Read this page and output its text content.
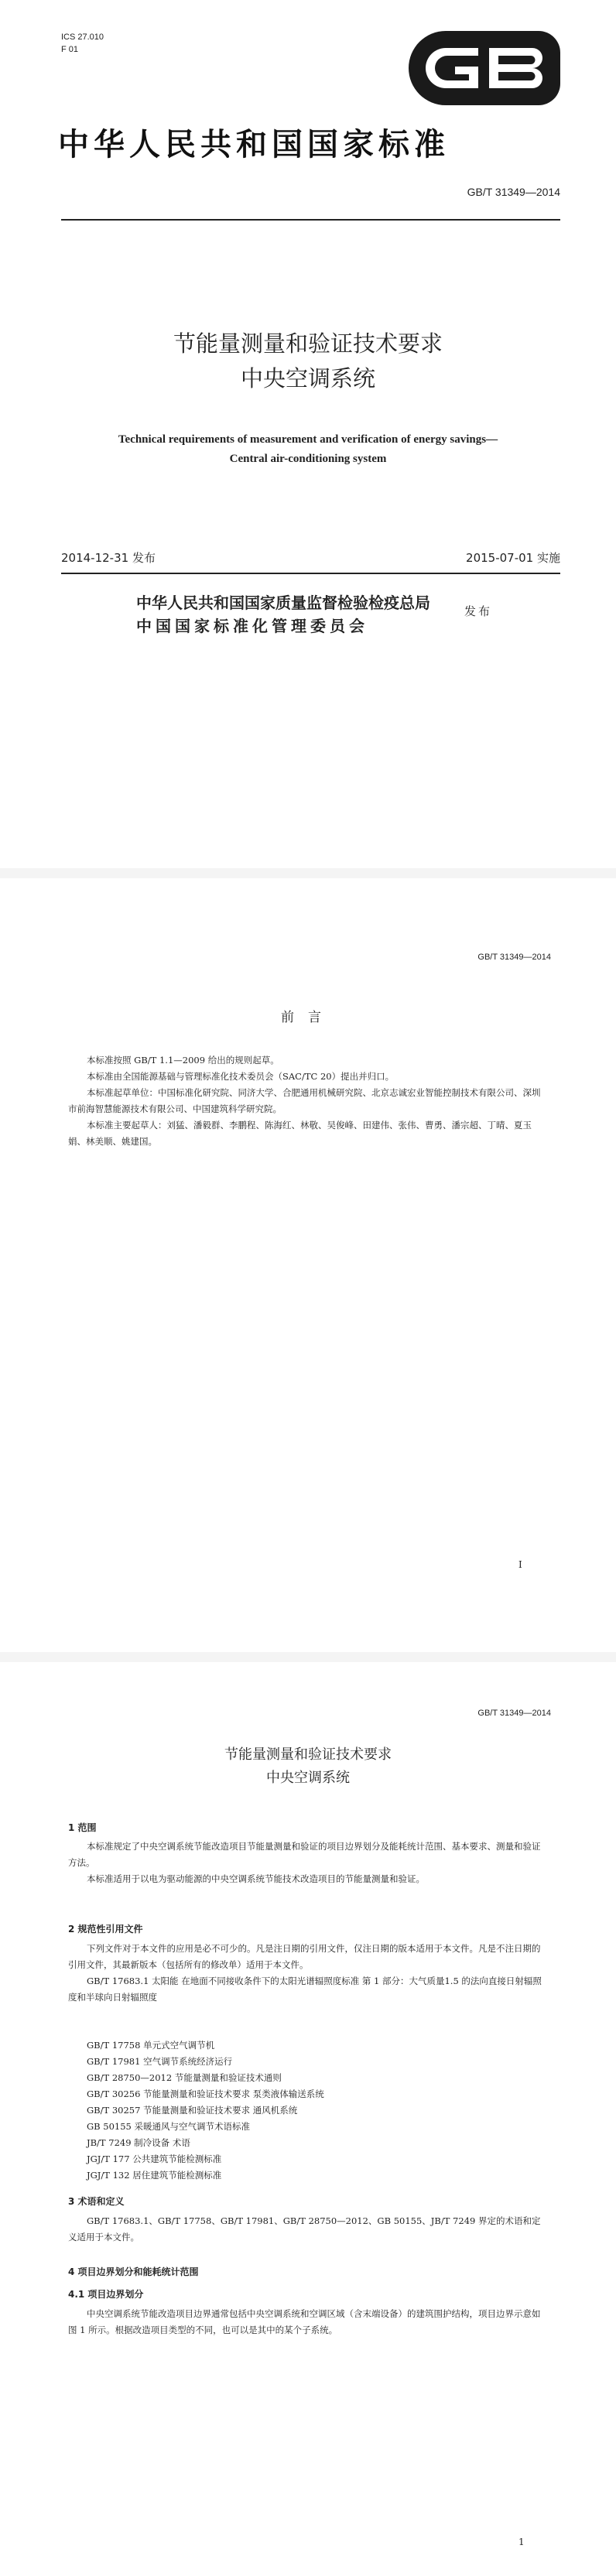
ICS 27.010
F 01
中华人民共和国国家标准
GB/T 31349—2014
节能量测量和验证技术要求
中央空调系统
Technical requirements of measurement and verification of energy savings—
Central air-conditioning system
2014-12-31 发布	2015-07-01 实施
中华人民共和国国家质量监督检验检疫总局
中国国家标准化管理委员会
发布
GB/T 31349—2014
前言

本标准按照 GB/T 1.1—2009 给出的规则起草。

本标准由全国能源基础与管理标准化技术委员会（SAC/TC 20）提出并归口。

本标准起草单位：中国标准化研究院、同济大学、合肥通用机械研究院、北京志诚宏业智能控制技术有限公司、深圳市前海智慧能源技术有限公司、中国建筑科学研究院。

本标准主要起草人：刘猛、潘毅群、李鹏程、陈海红、林敬、吴俊峰、田建伟、张伟、曹勇、潘宗超、丁晴、夏玉娟、林美顺、姚建国。

I
GB/T 31349—2014
节能量测量和验证技术要求
中央空调系统
1 范围

本标准规定了中央空调系统节能改造项目节能量测量和验证的项目边界划分及能耗统计范围、基本要求、测量和验证方法。

本标准适用于以电为驱动能源的中央空调系统节能技术改造项目的节能量测量和验证。

2 规范性引用文件

下列文件对于本文件的应用是必不可少的。凡是注日期的引用文件，仅注日期的版本适用于本文件。凡是不注日期的引用文件，其最新版本（包括所有的修改单）适用于本文件。

GB/T 17683.1 太阳能 在地面不同接收条件下的太阳光谱辐照度标准 第 1 部分：大气质量1.5 的法向直接日射辐照度和半球向日射辐照度

GB/T 17758 单元式空气调节机
GB/T 17981 空气调节系统经济运行
GB/T 28750—2012 节能量测量和验证技术通则
GB/T 30256 节能量测量和验证技术要求 泵类液体输送系统
GB/T 30257 节能量测量和验证技术要求 通风机系统
GB 50155 采暖通风与空气调节术语标准
JB/T 7249 制冷设备 术语
JGJ/T 177 公共建筑节能检测标准
JGJ/T 132 居住建筑节能检测标准
3 术语和定义

GB/T 17683.1、GB/T 17758、GB/T 17981、GB/T 28750—2012、GB 50155、JB/T 7249 界定的术语和定义适用于本文件。

4 项目边界划分和能耗统计范围
4.1 项目边界划分

中央空调系统节能改造项目边界通常包括中央空调系统和空调区域（含末端设备）的建筑围护结构，项目边界示意如图 1 所示。根据改造项目类型的不同，也可以是其中的某个子系统。

1
